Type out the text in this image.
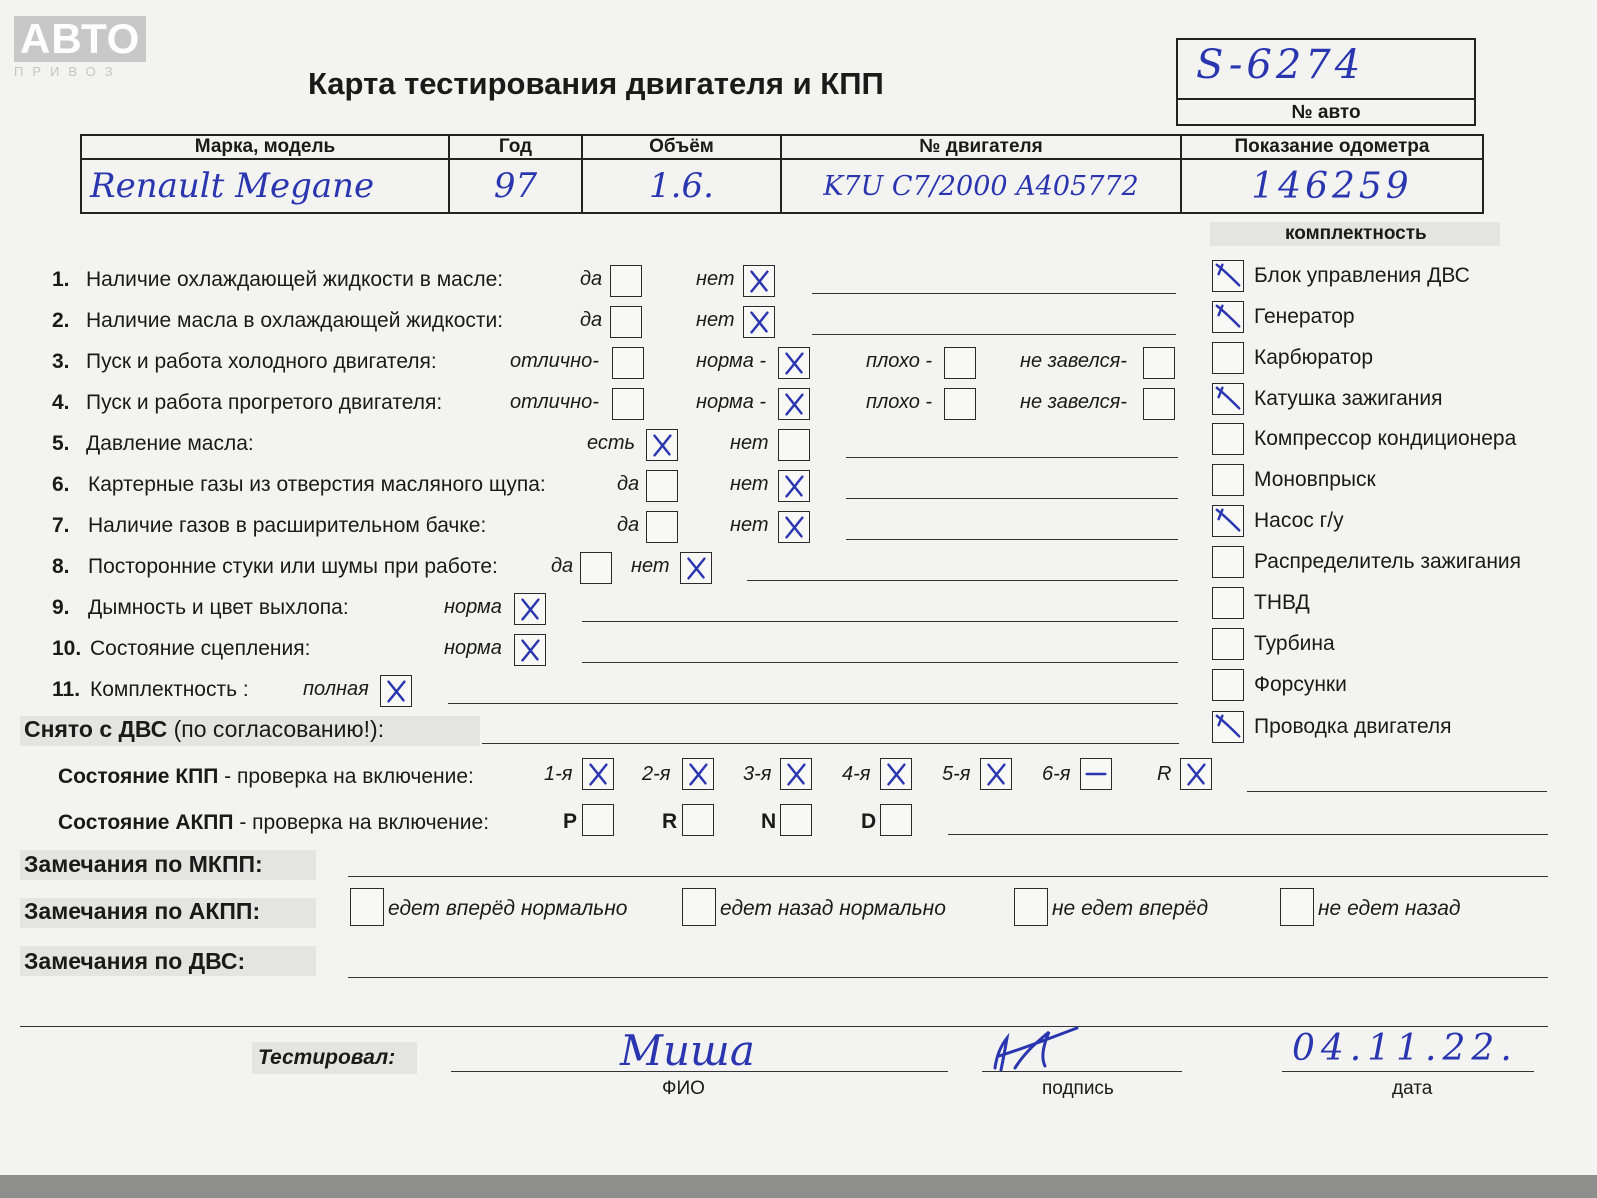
АВТО
ПРИВОЗ	Карта тестирования двигателя и КПП	S-6274
№ авто
Марка, модель	Год	Объём	№ двигателя	Показание одометра
Renault Megane	97	1.6.	K7U C7/2000 A405772	146259
комплектность
Снято с ДВС (по согласованию!):
Состояние КПП - проверка на включение:
Состояние АКПП - проверка на включение:
Замечания по МКПП:
Замечания по АКПП:
Замечания по ДВС:
Тестировал:	Миша
ФИО	подпись
04.11.22.
дата
1. Наличие охлаждающей жидкости в масле:	да	нет
2. Наличие масла в охлаждающей жидкости:	да	нет
3. Пуск и работа холодного двигателя:	отлично-	норма -	плохо -	не завелся-
4. Пуск и работа прогретого двигателя:	отлично-	норма -	плохо -	не завелся-
5. Давление масла:	есть	нет
6. Картерные газы из отверстия масляного щупа:	да	нет
7. Наличие газов в расширительном бачке:	да	нет
8. Посторонние стуки или шумы при работе:	да	нет
9. Дымность и цвет выхлопа:	норма
10. Состояние сцепления:	норма
11. Комплектность :	полная
Блок управления ДВС
Генератор
Карбюратор
Катушка зажигания
Компрессор кондиционера
Моновпрыск
Насос г/у
Распределитель зажигания
ТНВД
Турбина
Форсунки
Проводка двигателя
1-я	2-я	3-я	4-я	5-я	6-я	R
P	R	N	D
едет вперёд нормально	едет назад нормально	не едет вперёд	не едет назад
